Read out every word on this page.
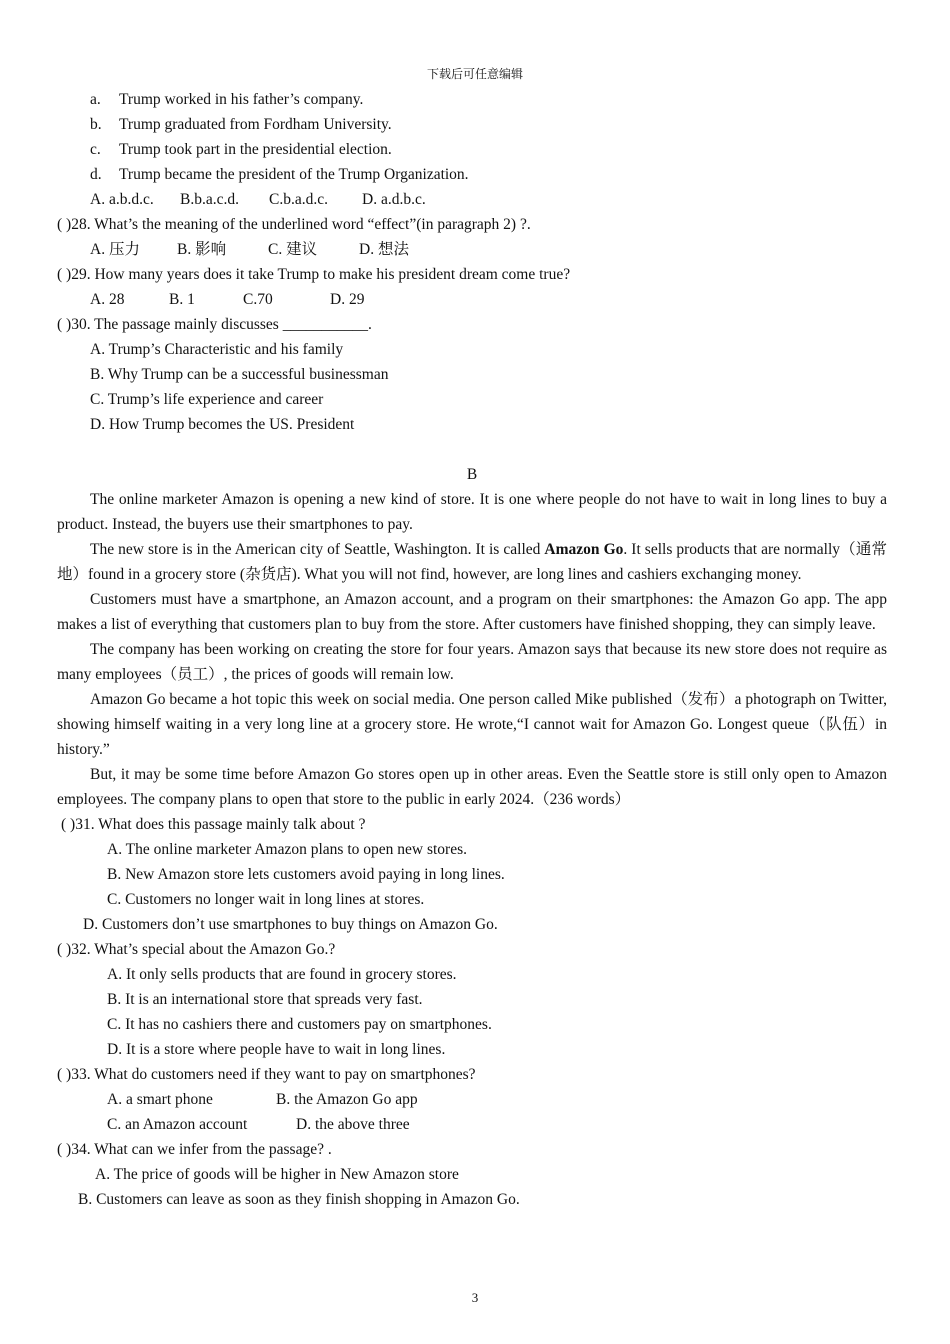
下载后可任意编辑
a. Trump worked in his father’s company.
b. Trump graduated from Fordham University.
c. Trump took part in the presidential election.
d. Trump became the president of the Trump Organization.
A. a.b.d.c. B.b.a.c.d. C.b.a.d.c. D. a.d.b.c.
( )28. What’s the meaning of the underlined word “effect”(in paragraph 2) ?.
A. 压力 B. 影响	C. 建议	D. 想法
( )29. How many years does it take Trump to make his president dream come true?
A. 28	B. 1	C.70	D. 29
( )30. The passage mainly discusses ___________.
A. Trump’s Characteristic and his family
B. Why Trump can be a successful businessman
C. Trump’s life experience and career
D. How Trump becomes the US. President
B
The online marketer Amazon is opening a new kind of store. It is one where people do not have to wait in long lines to buy a product. Instead, the buyers use their smartphones to pay.
The new store is in the American city of Seattle, Washington. It is called Amazon Go. It sells products that are normally（通常地）found in a grocery store (杂货店). What you will not find, however, are long lines and cashiers exchanging money.
Customers must have a smartphone, an Amazon account, and a program on their smartphones: the Amazon Go app. The app makes a list of everything that customers plan to buy from the store. After customers have finished shopping, they can simply leave.
The company has been working on creating the store for four years. Amazon says that because its new store does not require as many employees（员工）, the prices of goods will remain low.
Amazon Go became a hot topic this week on social media. One person called Mike published（发布）a photograph on Twitter, showing himself waiting in a very long line at a grocery store. He wrote,“I cannot wait for Amazon Go. Longest queue（队伍）in history.”
But, it may be some time before Amazon Go stores open up in other areas. Even the Seattle store is still only open to Amazon employees. The company plans to open that store to the public in early 2024.（236 words）
( )31. What does this passage mainly talk about ?
A. The online marketer Amazon plans to open new stores.
B. New Amazon store lets customers avoid paying in long lines.
C. Customers no longer wait in long lines at stores.
D. Customers don’t use smartphones to buy things on Amazon Go.
( )32. What’s special about the Amazon Go.?
A. It only sells products that are found in grocery stores.
B. It is an international store that spreads very fast.
C. It has no cashiers there and customers pay on smartphones.
D. It is a store where people have to wait in long lines.
( )33. What do customers need if they want to pay on smartphones?
A. a smart phone	B. the Amazon Go app
C. an Amazon account	D. the above three
( )34. What can we infer from the passage? .
A. The price of goods will be higher in New Amazon store
B. Customers can leave as soon as they finish shopping in Amazon Go.
3
